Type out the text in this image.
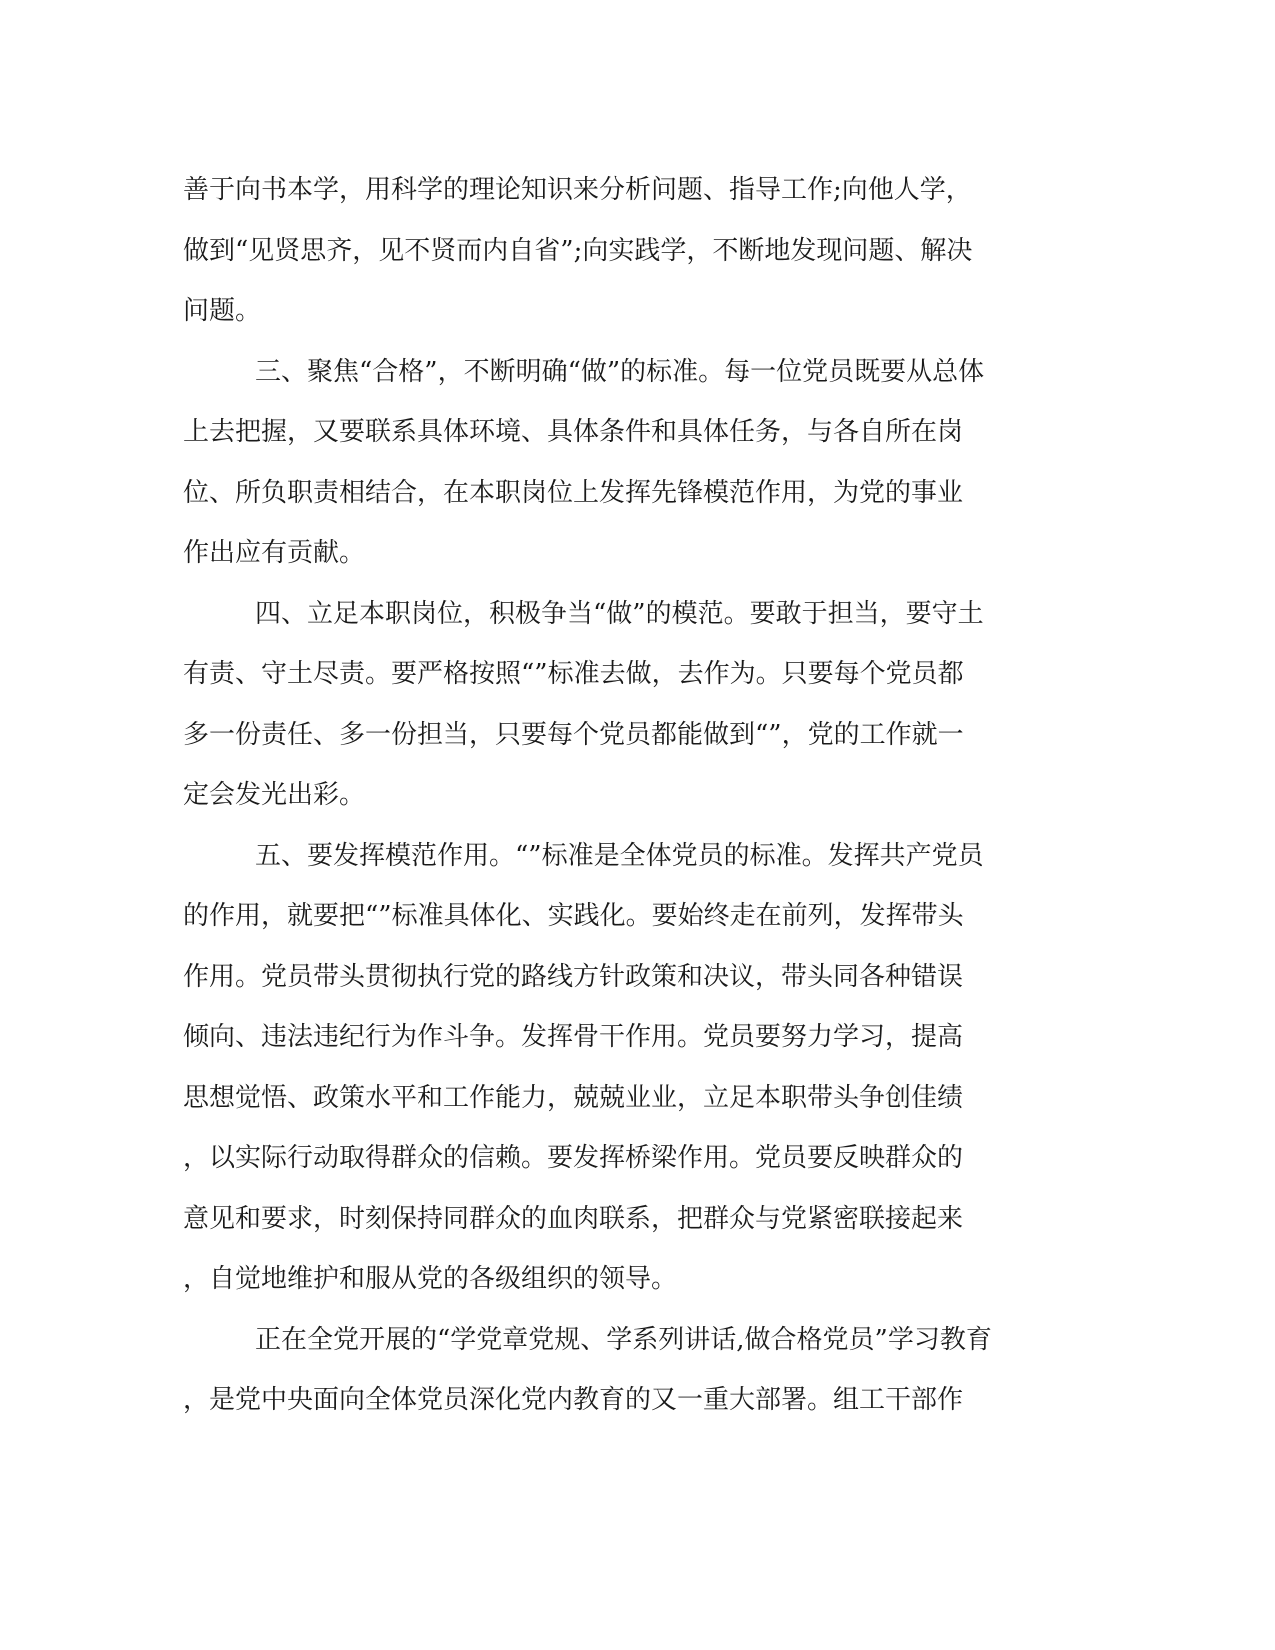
善于向书本学，用科学的理论知识来分析问题、指导工作;向他人学，
做到“见贤思齐，见不贤而内自省”;向实践学，不断地发现问题、解决
问题。
三、聚焦“合格”，不断明确“做”的标准。每一位党员既要从总体
上去把握，又要联系具体环境、具体条件和具体任务，与各自所在岗
位、所负职责相结合，在本职岗位上发挥先锋模范作用，为党的事业
作出应有贡献。
四、立足本职岗位，积极争当“做”的模范。要敢于担当，要守土
有责、守土尽责。要严格按照“”标准去做，去作为。只要每个党员都
多一份责任、多一份担当，只要每个党员都能做到“”，党的工作就一
定会发光出彩。
五、要发挥模范作用。“”标准是全体党员的标准。发挥共产党员
的作用，就要把“”标准具体化、实践化。要始终走在前列，发挥带头
作用。党员带头贯彻执行党的路线方针政策和决议，带头同各种错误
倾向、违法违纪行为作斗争。发挥骨干作用。党员要努力学习，提高
思想觉悟、政策水平和工作能力，兢兢业业，立足本职带头争创佳绩
，以实际行动取得群众的信赖。要发挥桥梁作用。党员要反映群众的
意见和要求，时刻保持同群众的血肉联系，把群众与党紧密联接起来
，自觉地维护和服从党的各级组织的领导。
正在全党开展的“学党章党规、学系列讲话,做合格党员”学习教育
，是党中央面向全体党员深化党内教育的又一重大部署。组工干部作
